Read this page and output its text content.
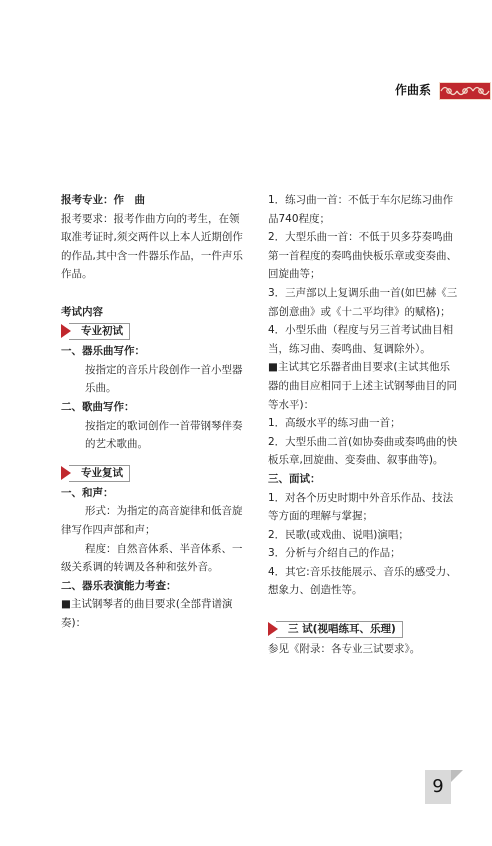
作曲系

报考专业：作　曲

报考要求：报考作曲方向的考生，在领取准考证时,须交两件以上本人近期创作的作品,其中含一件器乐作品，一件声乐作品。

考试内容

专业初试

一、器乐曲写作：

按指定的音乐片段创作一首小型器乐曲。

二、歌曲写作：

按指定的歌词创作一首带钢琴伴奏的艺术歌曲。

专业复试

一、和声：

形式：为指定的高音旋律和低音旋律写作四声部和声；

程度：自然音体系、半音体系、一级关系调的转调及各种和弦外音。

二、器乐表演能力考查：

■主试钢琴者的曲目要求(全部背谱演奏)：

1．练习曲一首：不低于车尔尼练习曲作品740程度；

2．大型乐曲一首：不低于贝多芬奏鸣曲第一首程度的奏鸣曲快板乐章或变奏曲、回旋曲等；

3．三声部以上复调乐曲一首(如巴赫《三部创意曲》或《十二平均律》的赋格)；

4．小型乐曲（程度与另三首考试曲目相当，练习曲、奏鸣曲、复调除外）。

■主试其它乐器者曲目要求(主试其他乐器的曲目应相同于上述主试钢琴曲目的同等水平)：

1．高级水平的练习曲一首；

2．大型乐曲二首(如协奏曲或奏鸣曲的快板乐章,回旋曲、变奏曲、叙事曲等)。

三、面试：

1．对各个历史时期中外音乐作品、技法等方面的理解与掌握；

2．民歌(或戏曲、说唱)演唱；

3．分析与介绍自己的作品；

4．其它:音乐技能展示、音乐的感受力、想象力、创造性等。

三 试(视唱练耳、乐理)

参见《附录：各专业三试要求》。

9
